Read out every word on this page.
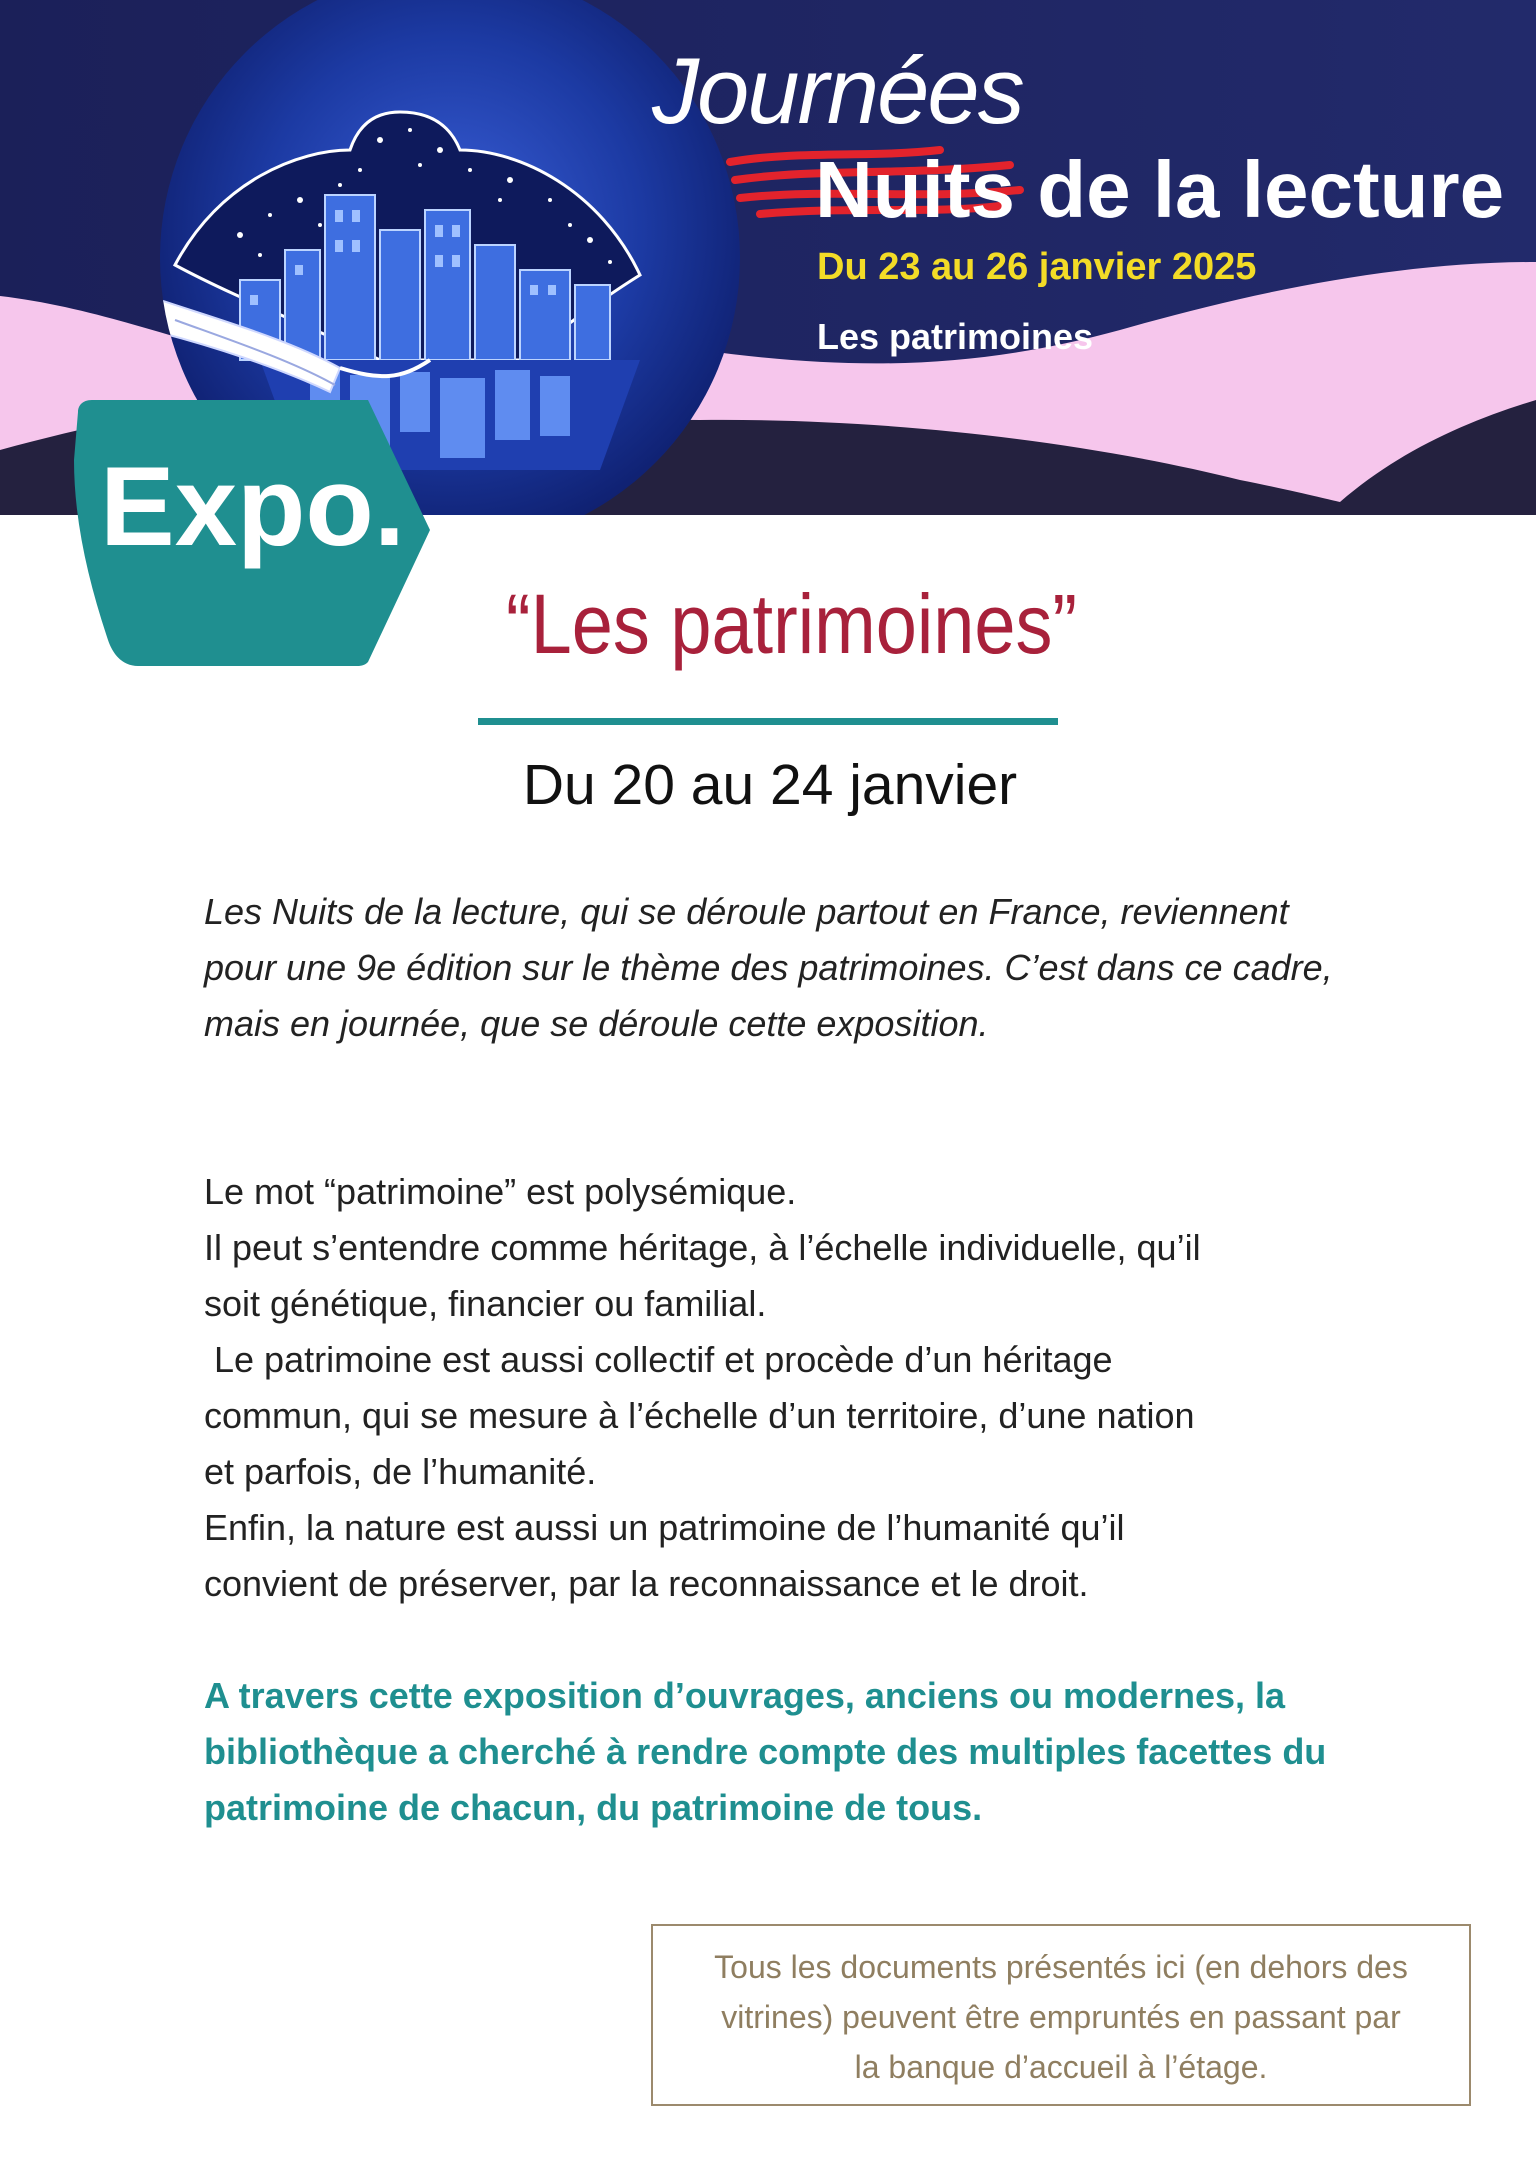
Journées
Nuits de la lecture
Du 23 au 26 janvier 2025
Les patrimoines
Expo.
“Les patrimoines”
Du 20 au 24 janvier

Les Nuits de la lecture, qui se déroule partout en France, reviennent pour une 9e édition sur le thème des patrimoines. C’est dans ce cadre, mais en journée, que se déroule cette exposition.

Le mot “patrimoine” est polysémique.
Il peut s’entendre comme héritage, à l’échelle individuelle, qu’il
soit génétique, financier ou familial.
Le patrimoine est aussi collectif et procède d’un héritage
commun, qui se mesure à l’échelle d’un territoire, d’une nation
et parfois, de l’humanité.
Enfin, la nature est aussi un patrimoine de l’humanité qu’il
convient de préserver, par la reconnaissance et le droit.

A travers cette exposition d’ouvrages, anciens ou modernes, la bibliothèque a cherché à rendre compte des multiples facettes du patrimoine de chacun, du patrimoine de tous.

Tous les documents présentés ici (en dehors des
vitrines) peuvent être empruntés en passant par
la banque d’accueil à l’étage.
